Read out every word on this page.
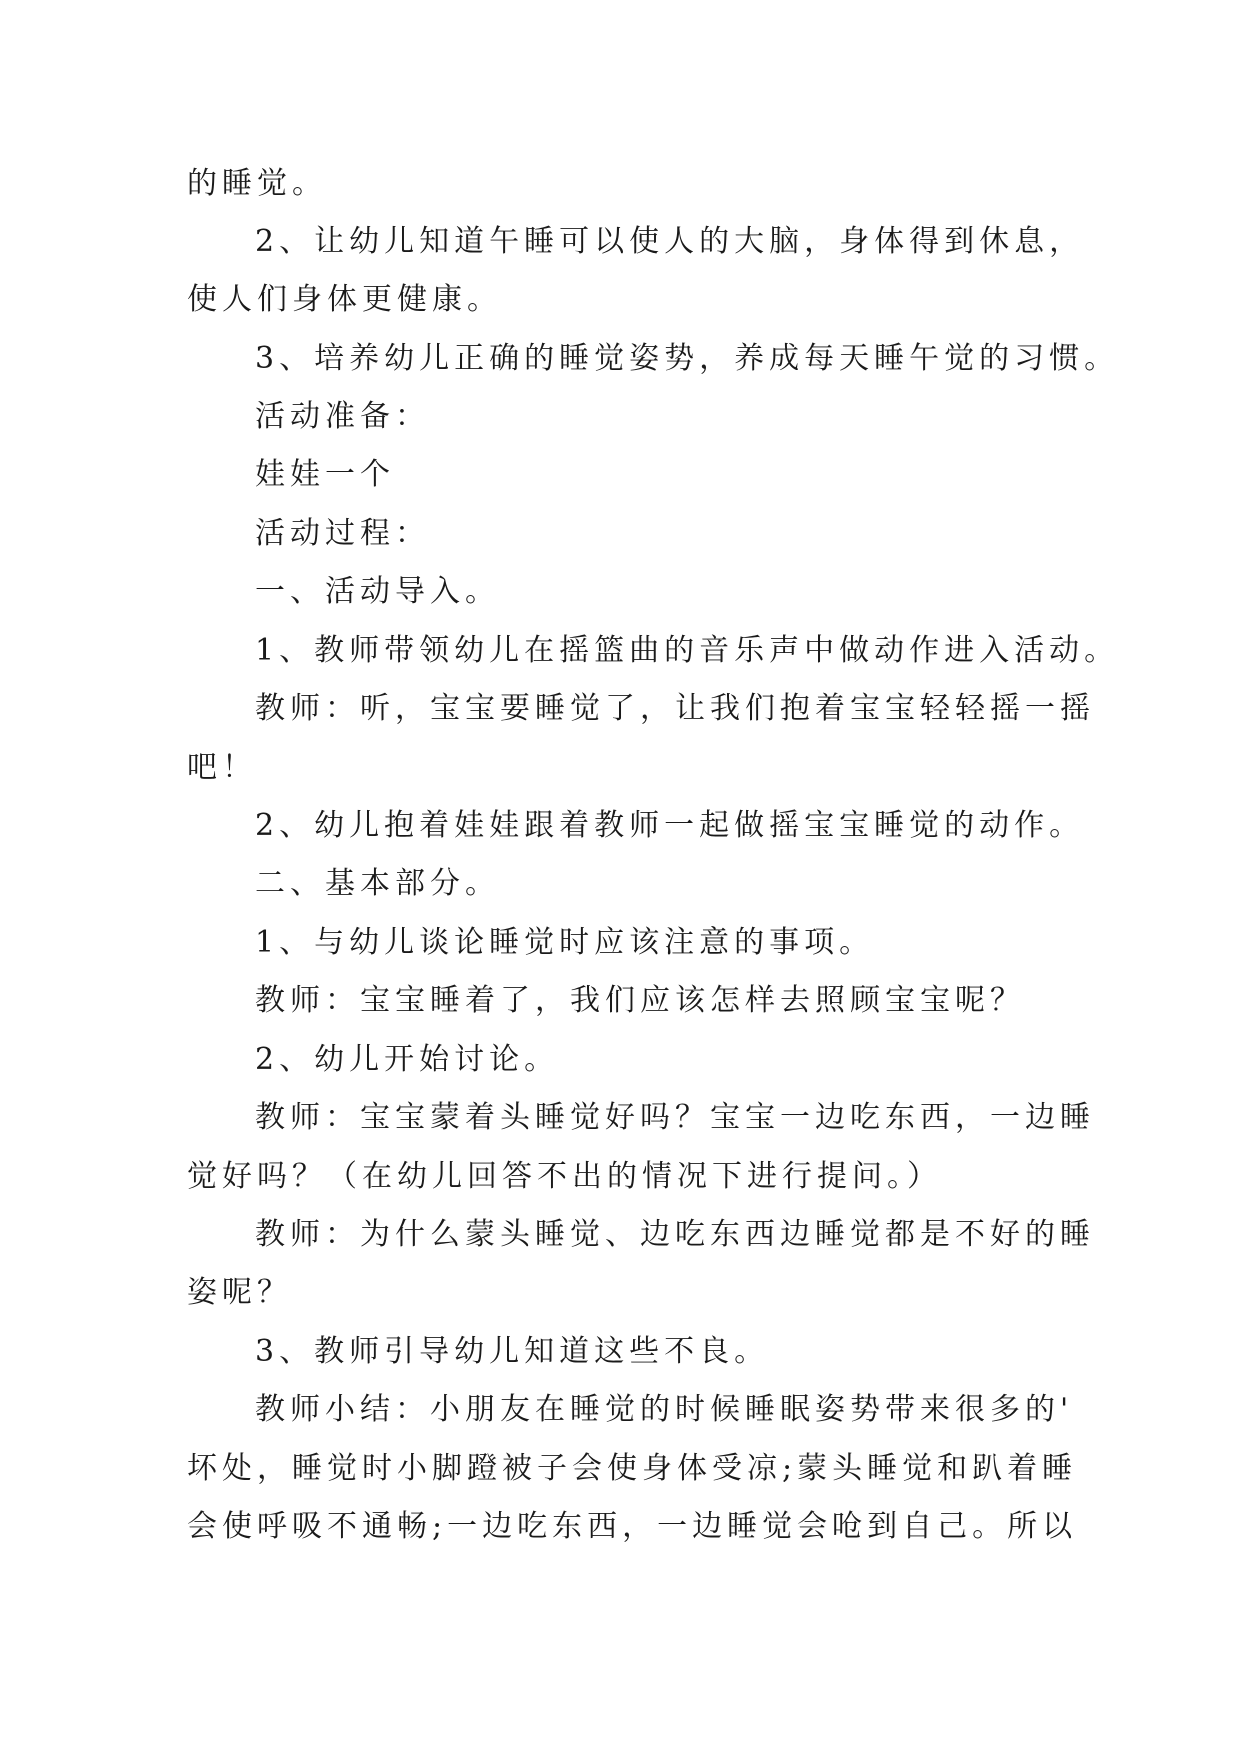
的睡觉。
2、让幼儿知道午睡可以使人的大脑，身体得到休息，
使人们身体更健康。
3、培养幼儿正确的睡觉姿势，养成每天睡午觉的习惯。
活动准备：
娃娃一个
活动过程：
一、活动导入。
1、教师带领幼儿在摇篮曲的音乐声中做动作进入活动。
教师：听，宝宝要睡觉了，让我们抱着宝宝轻轻摇一摇
吧！
2、幼儿抱着娃娃跟着教师一起做摇宝宝睡觉的动作。
二、基本部分。
1、与幼儿谈论睡觉时应该注意的事项。
教师：宝宝睡着了，我们应该怎样去照顾宝宝呢？
2、幼儿开始讨论。
教师：宝宝蒙着头睡觉好吗？宝宝一边吃东西，一边睡
觉好吗？（在幼儿回答不出的情况下进行提问。）
教师：为什么蒙头睡觉、边吃东西边睡觉都是不好的睡
姿呢？
3、教师引导幼儿知道这些不良。
教师小结：小朋友在睡觉的时候睡眠姿势带来很多的'
坏处，睡觉时小脚蹬被子会使身体受凉;蒙头睡觉和趴着睡
会使呼吸不通畅;一边吃东西，一边睡觉会呛到自己。所以
